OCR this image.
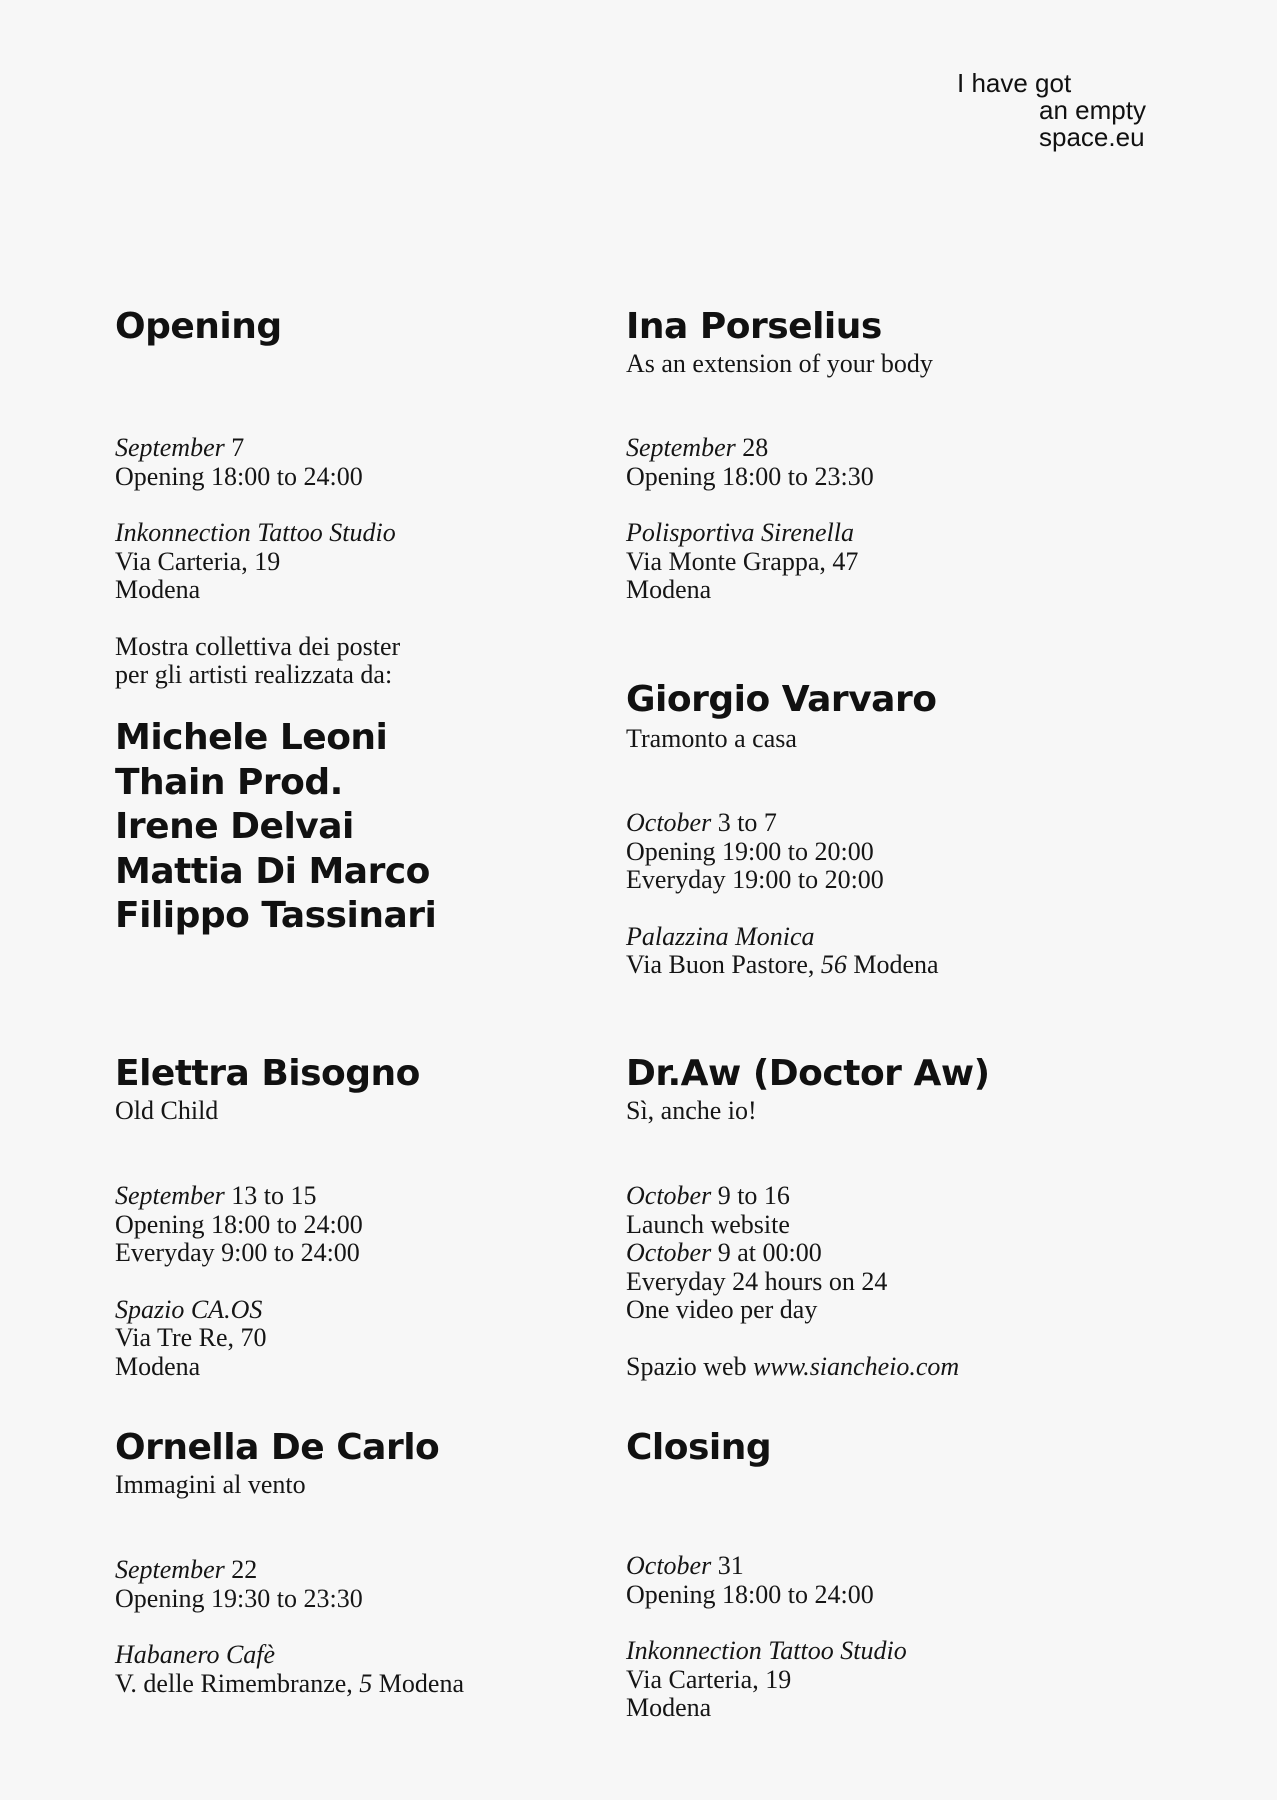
I have got
an empty
space.eu
Opening
September 7
Opening 18:00 to 24:00
Inkonnection Tattoo Studio
Via Carteria, 19
Modena
Mostra collettiva dei poster
per gli artisti realizzata da:
Michele Leoni
Thain Prod.
Irene Delvai
Mattia Di Marco
Filippo Tassinari
Ina Porselius
As an extension of your body
September 28
Opening 18:00 to 23:30
Polisportiva Sirenella
Via Monte Grappa, 47
Modena
Giorgio Varvaro
Tramonto a casa
October 3 to 7
Opening 19:00 to 20:00
Everyday 19:00 to 20:00
Palazzina Monica
Via Buon Pastore, 56 Modena
Elettra Bisogno
Old Child
September 13 to 15
Opening 18:00 to 24:00
Everyday 9:00 to 24:00
Spazio CA.OS
Via Tre Re, 70
Modena
Dr.Aw (Doctor Aw)
Sì, anche io!
October 9 to 16
Launch website
October 9 at 00:00
Everyday 24 hours on 24
One video per day
Spazio web www.siancheio.com
Ornella De Carlo
Immagini al vento
September 22
Opening 19:30 to 23:30
Habanero Cafè
V. delle Rimembranze, 5 Modena
Closing
October 31
Opening 18:00 to 24:00
Inkonnection Tattoo Studio
Via Carteria, 19
Modena
